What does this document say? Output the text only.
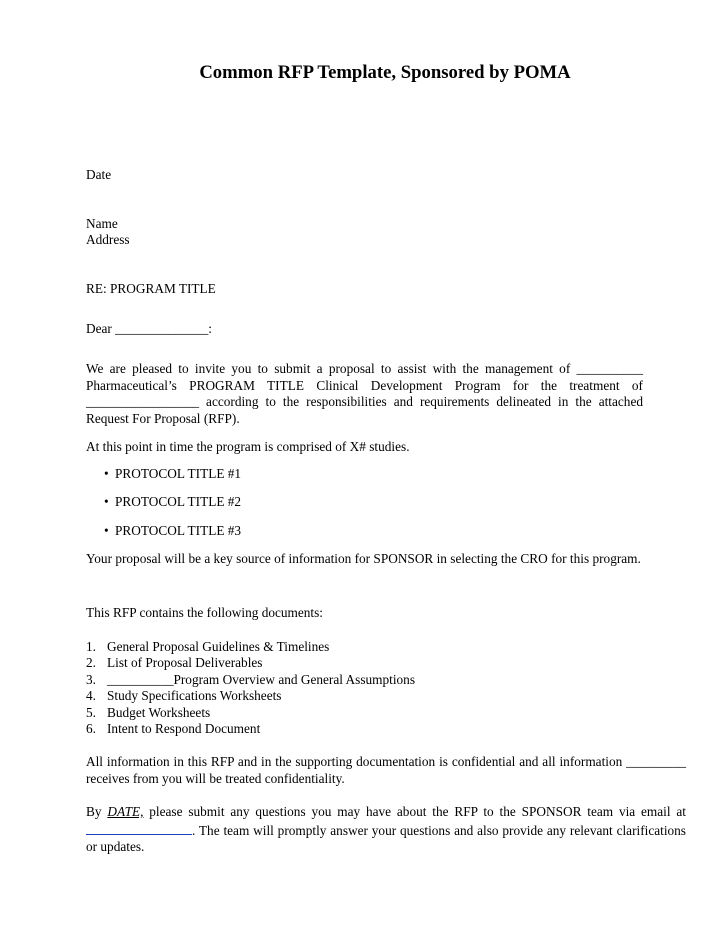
Common RFP Template, Sponsored by POMA

Date

Name

Address

RE: PROGRAM TITLE

Dear ______________:

We are pleased to invite you to submit a proposal to assist with the management of __________ Pharmaceutical’s PROGRAM TITLE Clinical Development Program for the treatment of _________________ according to the responsibilities and requirements delineated in the attached Request For Proposal (RFP).

At this point in time the program is comprised of X# studies.

• PROTOCOL TITLE #1

• PROTOCOL TITLE #2

• PROTOCOL TITLE #3

Your proposal will be a key source of information for SPONSOR in selecting the CRO for this program.

This RFP contains the following documents:

1. General Proposal Guidelines & Timelines

2. List of Proposal Deliverables

3. __________Program Overview and General Assumptions

4. Study Specifications Worksheets

5. Budget Worksheets

6. Intent to Respond Document

All information in this RFP and in the supporting documentation is confidential and all information _________ receives from you will be treated confidentiality.

By DATE, please submit any questions you may have about the RFP to the SPONSOR team via email at . The team will promptly answer your questions and also provide any relevant clarifications or updates.
